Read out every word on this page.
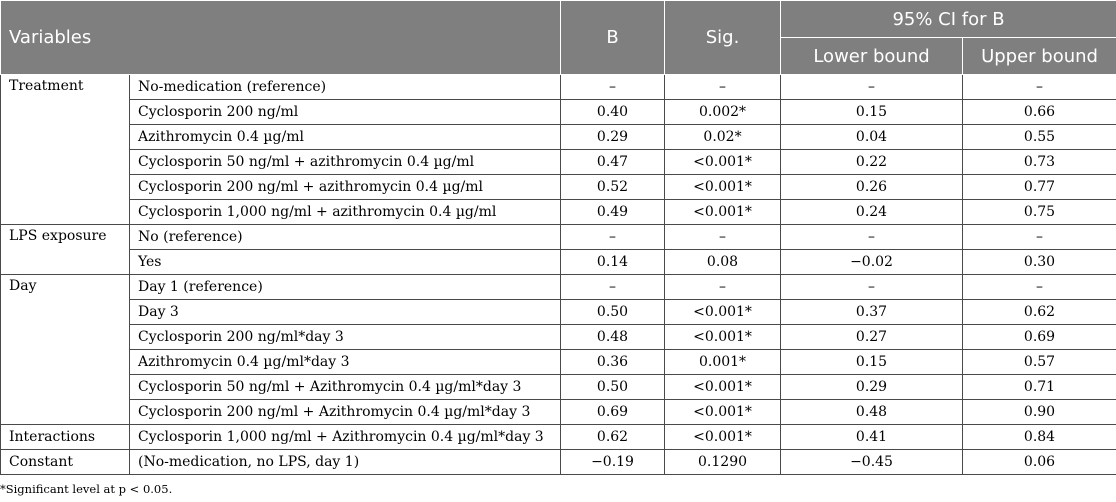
Variables		B	Sig.	95% CI for B	
				Lower bound	Upper bound
Treatment	No-medication (reference)	–	–	–	–
	Cyclosporin 200 ng/ml	0.40	0.002*	0.15	0.66
	Azithromycin 0.4 µg/ml	0.29	0.02*	0.04	0.55
	Cyclosporin 50 ng/ml + azithromycin 0.4 µg/ml	0.47	<0.001*	0.22	0.73
	Cyclosporin 200 ng/ml + azithromycin 0.4 µg/ml	0.52	<0.001*	0.26	0.77
	Cyclosporin 1,000 ng/ml + azithromycin 0.4 µg/ml	0.49	<0.001*	0.24	0.75
LPS exposure	No (reference)	–	–	–	–
	Yes	0.14	0.08	−0.02	0.30
Day	Day 1 (reference)	–	–	–	–
	Day 3	0.50	<0.001*	0.37	0.62
	Cyclosporin 200 ng/ml*day 3	0.48	<0.001*	0.27	0.69
	Azithromycin 0.4 µg/ml*day 3	0.36	0.001*	0.15	0.57
	Cyclosporin 50 ng/ml + Azithromycin 0.4 µg/ml*day 3	0.50	<0.001*	0.29	0.71
	Cyclosporin 200 ng/ml + Azithromycin 0.4 µg/ml*day 3	0.69	<0.001*	0.48	0.90
Interactions	Cyclosporin 1,000 ng/ml + Azithromycin 0.4 µg/ml*day 3	0.62	<0.001*	0.41	0.84
Constant	(No-medication, no LPS, day 1)	−0.19	0.1290	−0.45	0.06
*Significant level at p < 0.05.
